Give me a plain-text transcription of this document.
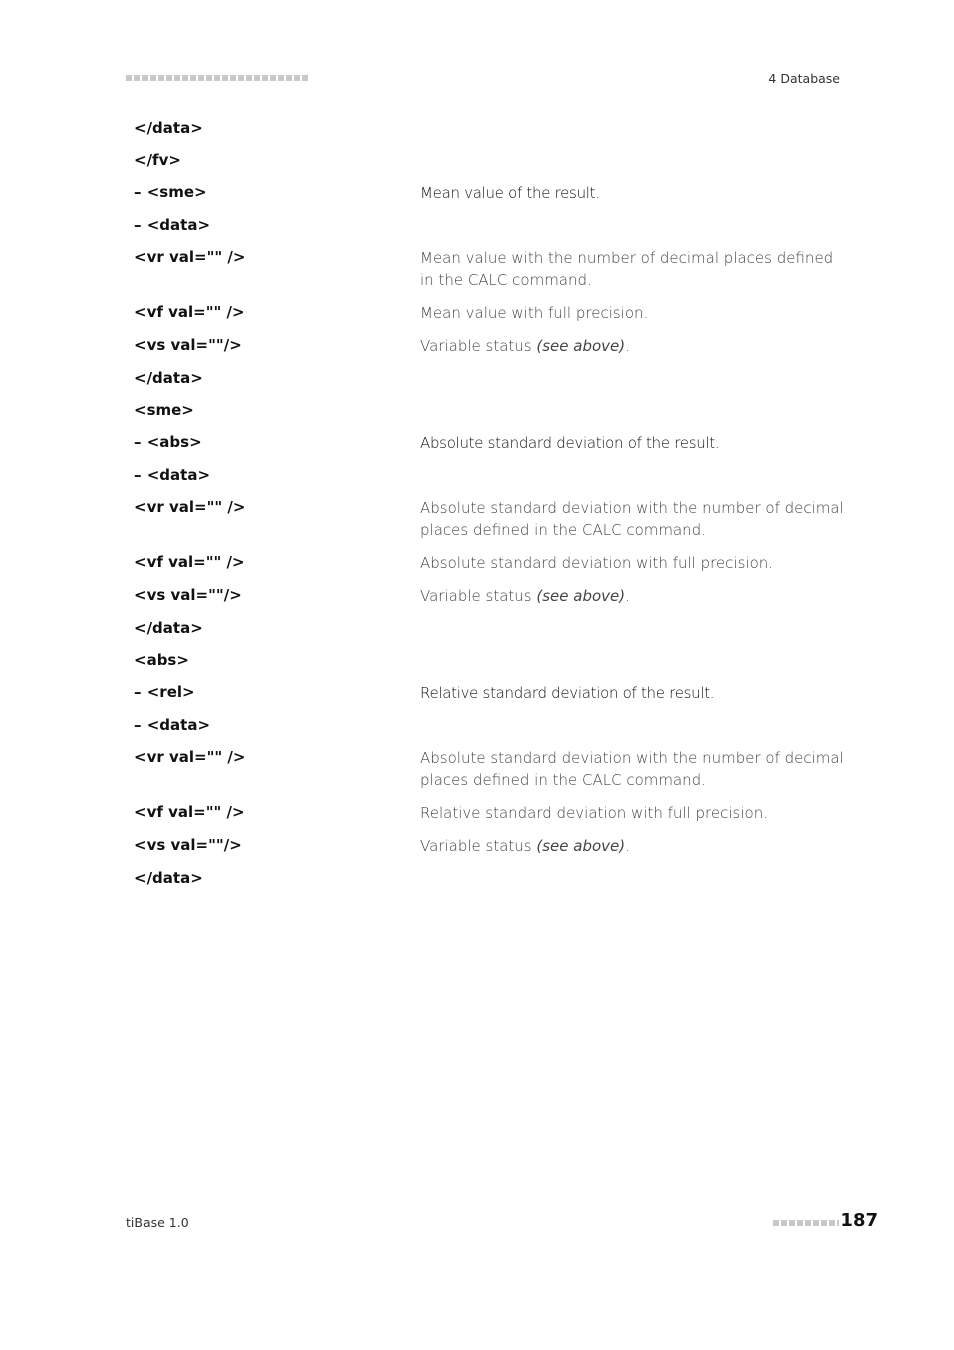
4 Database
</data>
</fv>
– <sme>	Mean value of the result.
– <data>
<vr val="" />	Mean value with the number of decimal places defined in the CALC command.
<vf val="" />	Mean value with full precision.
<vs val=""/>	Variable status (see above).
</data>
<sme>
– <abs>	Absolute standard deviation of the result.
– <data>
<vr val="" />	Absolute standard deviation with the number of decimal places defined in the CALC command.
<vf val="" />	Absolute standard deviation with full precision.
<vs val=""/>	Variable status (see above).
</data>
<abs>
– <rel>	Relative standard deviation of the result.
– <data>
<vr val="" />	Absolute standard deviation with the number of decimal places defined in the CALC command.
<vf val="" />	Relative standard deviation with full precision.
<vs val=""/>	Variable status (see above).
</data>
tiBase 1.0	187
